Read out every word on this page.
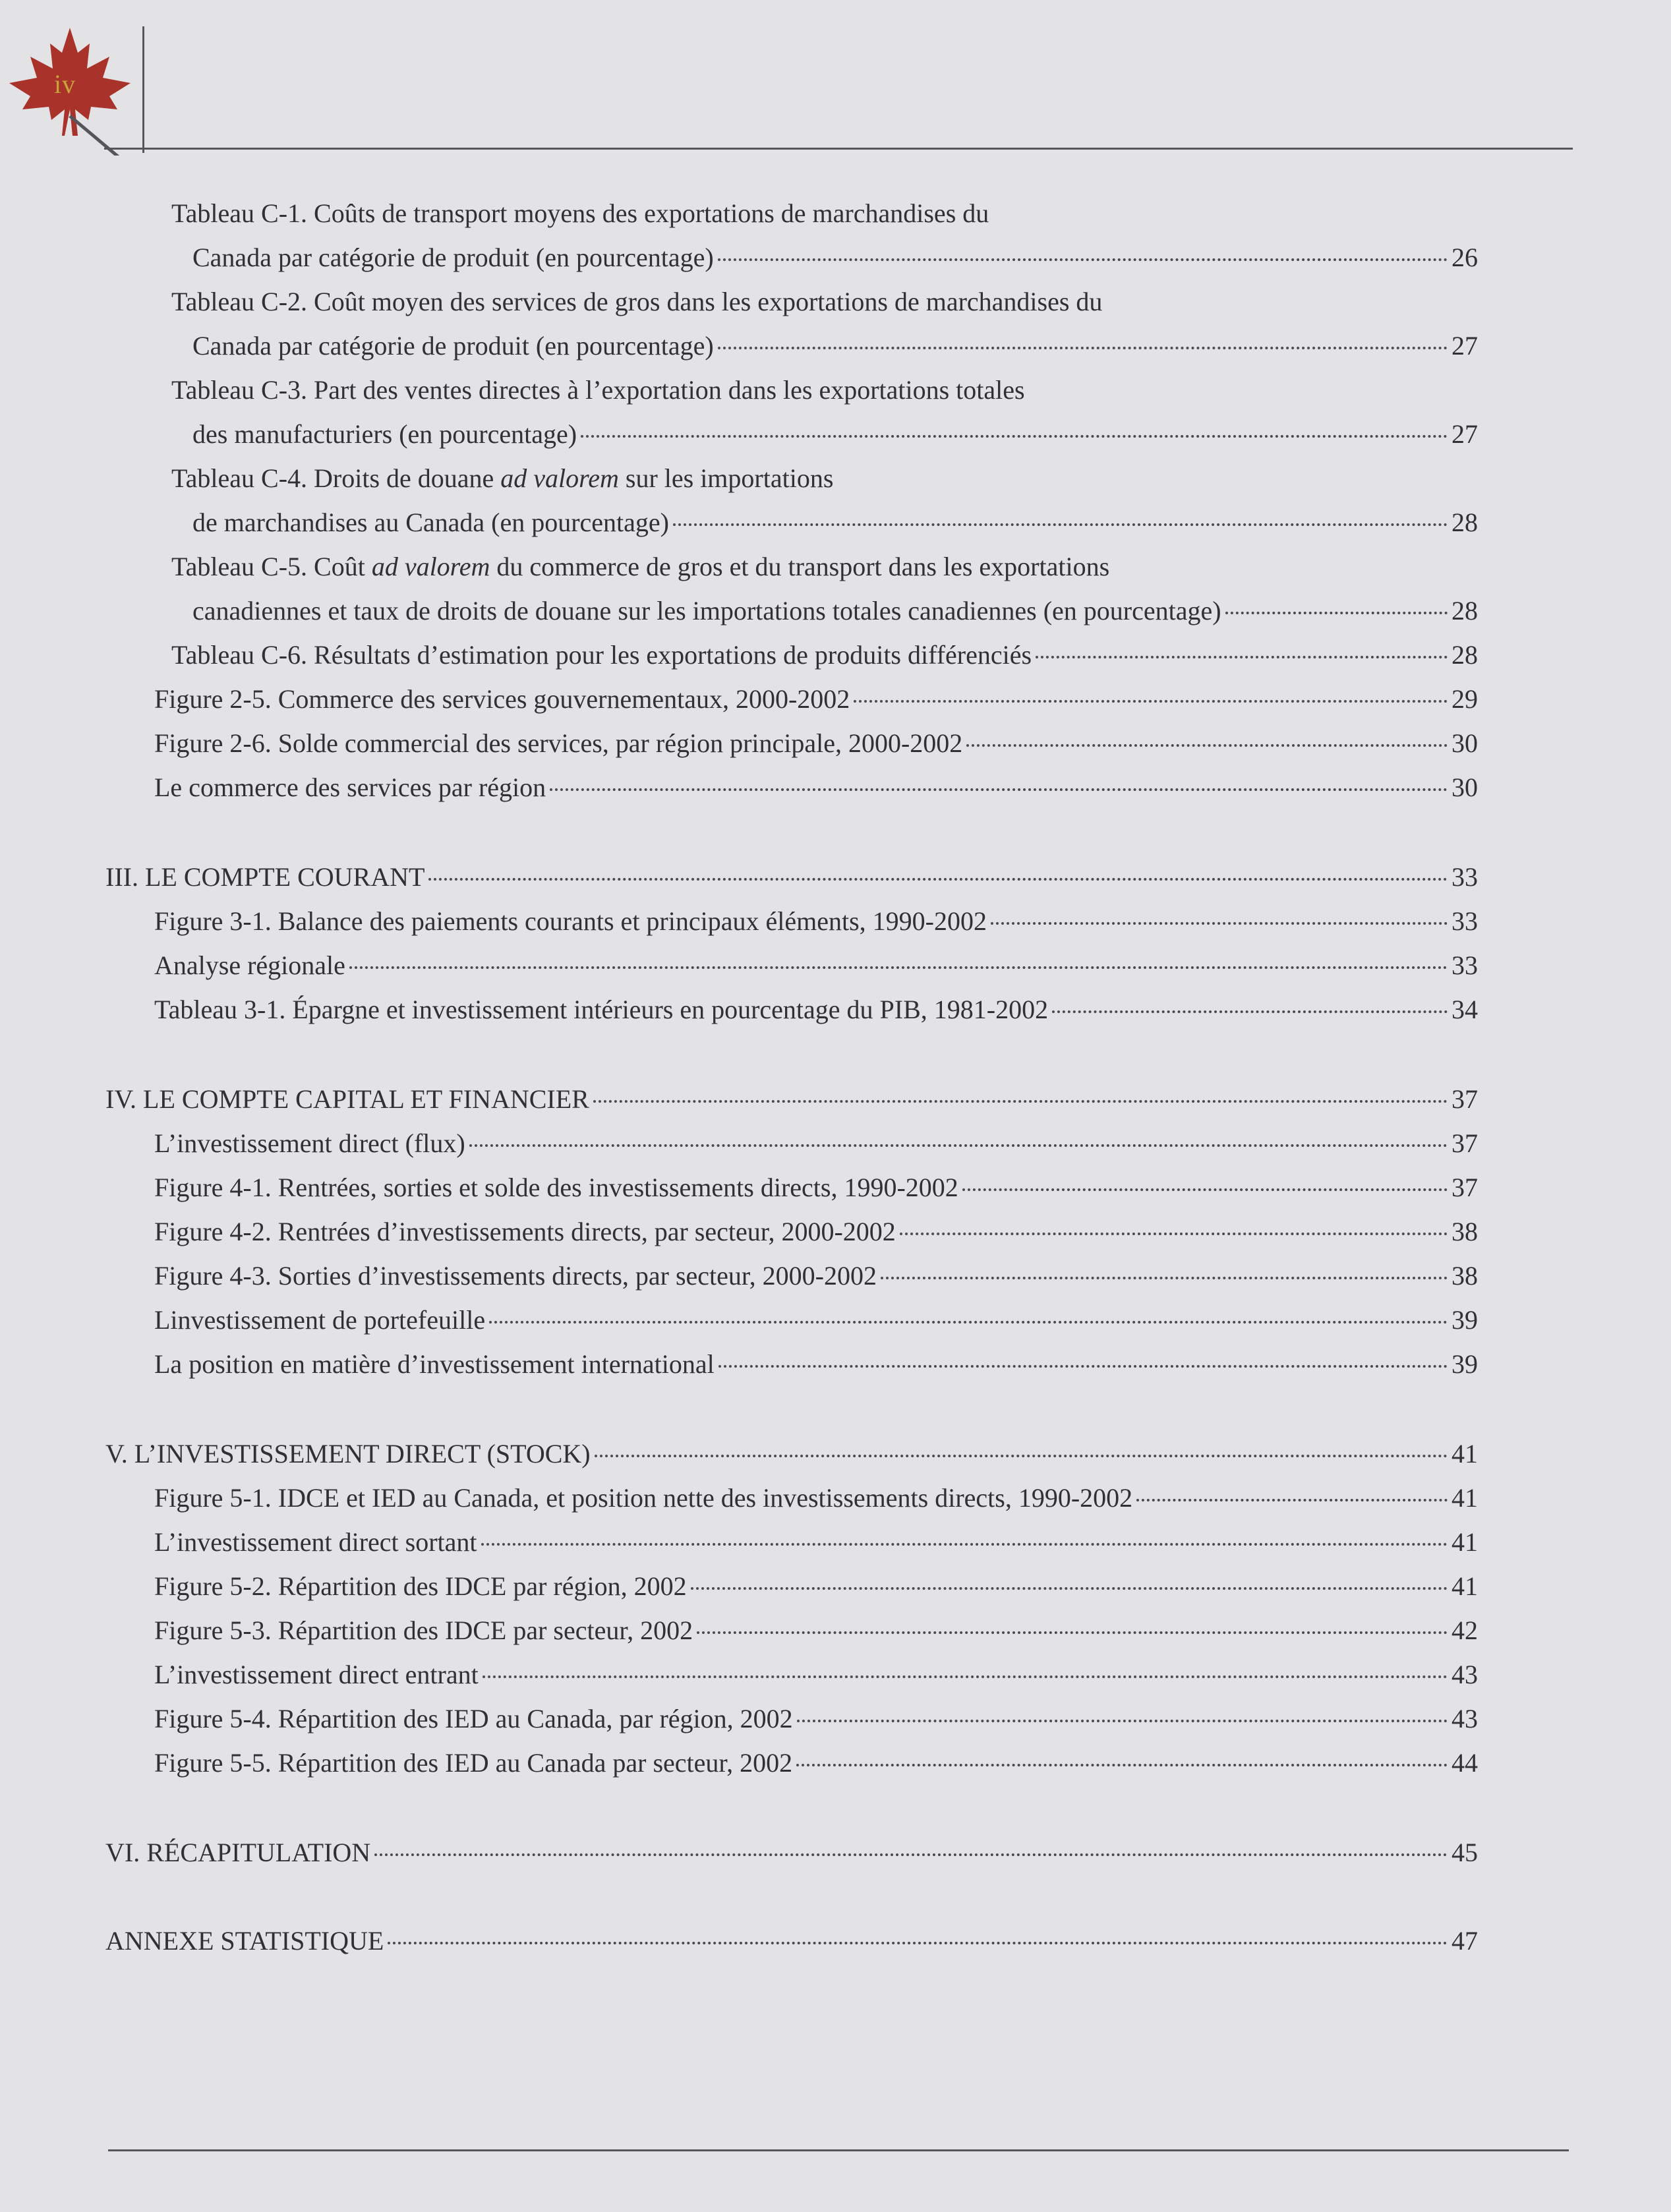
iv
Tableau C-1. Coûts de transport moyens des exportations de marchandises du
Canada par catégorie de produit (en pourcentage)	26
Tableau C-2. Coût moyen des services de gros dans les exportations de marchandises du
Canada par catégorie de produit (en pourcentage)	27
Tableau C-3. Part des ventes directes à l’exportation dans les exportations totales
des manufacturiers (en pourcentage)	27
Tableau C-4. Droits de douane ad valorem sur les importations
de marchandises au Canada (en pourcentage)	28
Tableau C-5. Coût ad valorem du commerce de gros et du transport dans les exportations
canadiennes et taux de droits de douane sur les importations totales canadiennes (en pourcentage)	28
Tableau C-6. Résultats d’estimation pour les exportations de produits différenciés	28
Figure 2-5. Commerce des services gouvernementaux, 2000-2002	29
Figure 2-6. Solde commercial des services, par région principale, 2000-2002	30
Le commerce des services par région	30
III. LE COMPTE COURANT	33
Figure 3-1. Balance des paiements courants et principaux éléments, 1990-2002	33
Analyse régionale	33
Tableau 3-1. Épargne et investissement intérieurs en pourcentage du PIB, 1981-2002	34
IV. LE COMPTE CAPITAL ET FINANCIER	37
L’investissement direct (flux)	37
Figure 4-1. Rentrées, sorties et solde des investissements directs, 1990-2002	37
Figure 4-2. Rentrées d’investissements directs, par secteur, 2000-2002	38
Figure 4-3. Sorties d’investissements directs, par secteur, 2000-2002	38
Linvestissement de portefeuille	39
La position en matière d’investissement international	39
V. L’INVESTISSEMENT DIRECT (STOCK)	41
Figure 5-1. IDCE et IED au Canada, et position nette des investissements directs, 1990-2002	41
L’investissement direct sortant	41
Figure 5-2. Répartition des IDCE par région, 2002	41
Figure 5-3. Répartition des IDCE par secteur, 2002	42
L’investissement direct entrant	43
Figure 5-4. Répartition des IED au Canada, par région, 2002	43
Figure 5-5. Répartition des IED au Canada par secteur, 2002	44
VI. RÉCAPITULATION	45
ANNEXE STATISTIQUE	47
